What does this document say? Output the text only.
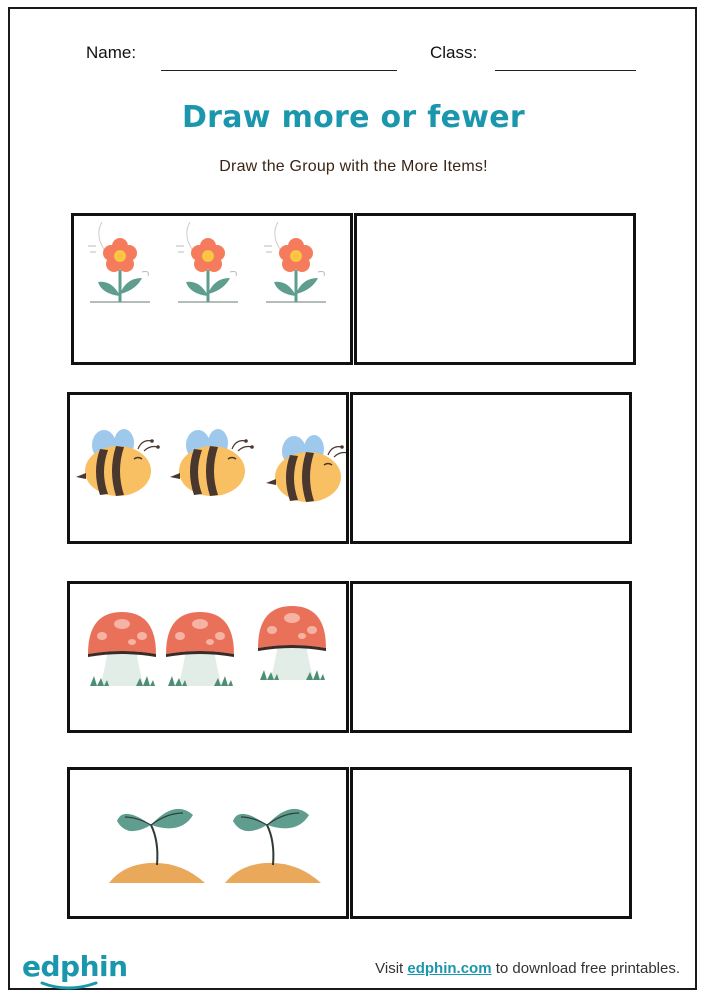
Name:	Class:
Draw more or fewer
Draw the Group with the More Items!
edphin	Visit edphin.com to download free printables.
